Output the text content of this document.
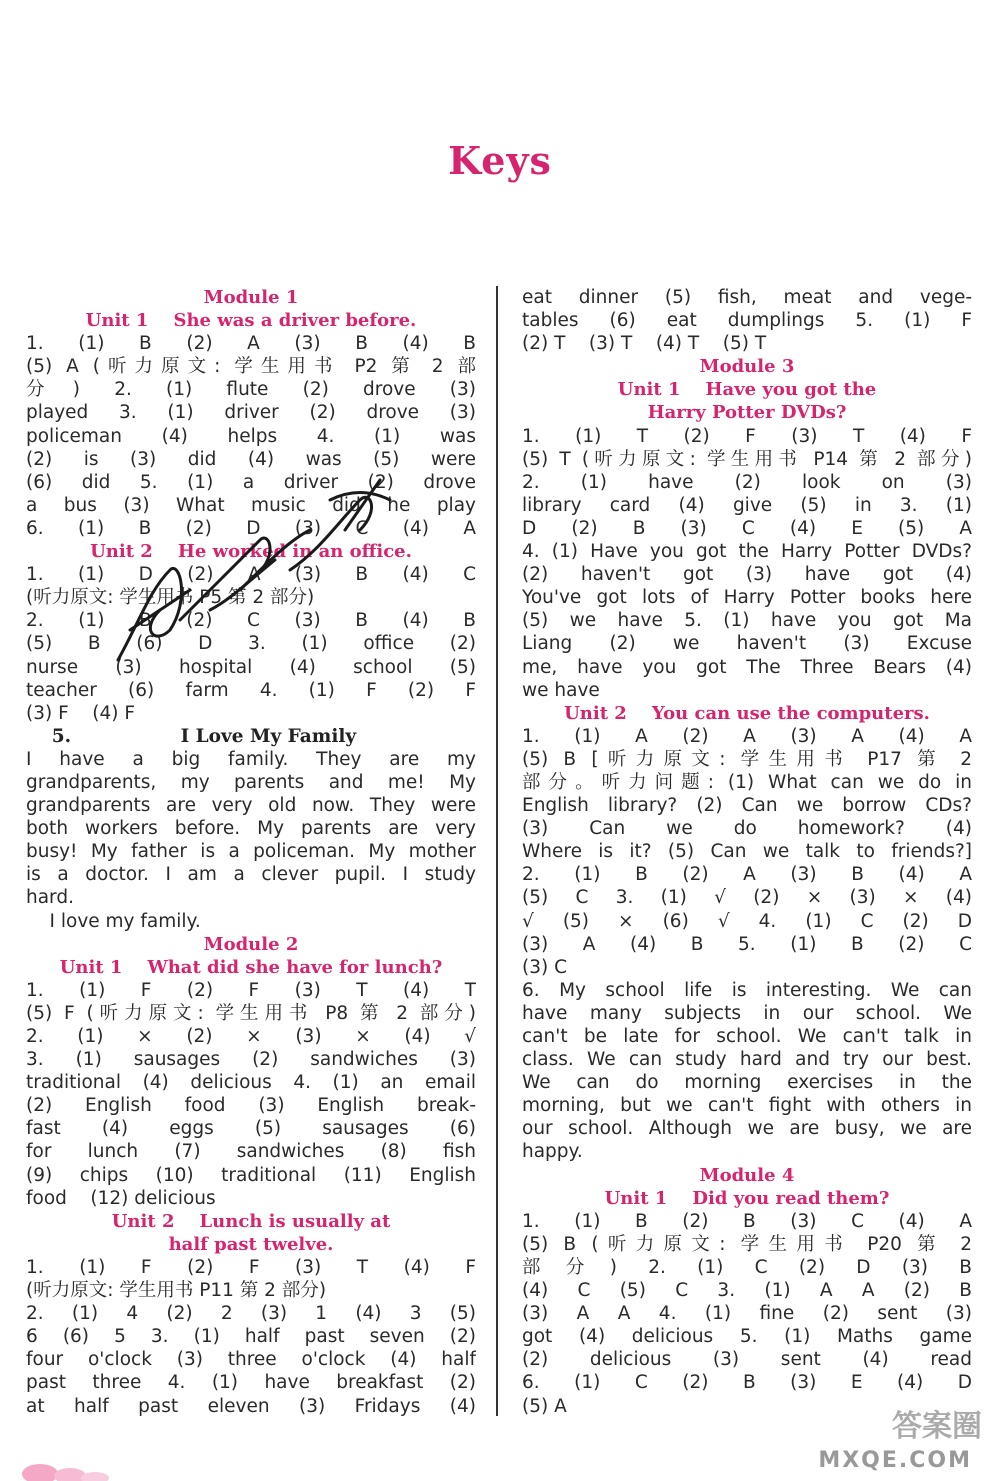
Keys
Module 1
Unit 1    She was a driver before.
1. (1) B (2) A (3) B (4) B
(5) A (听力原文: 学生用书 P2 第 2 部
分) 2. (1) flute (2) drove (3)
played 3. (1) driver (2) drove (3)
policeman (4) helps 4. (1) was
(2) is (3) did (4) was (5) were
(6) did 5. (1) a driver (2) drove
a bus (3) What music did he play
6. (1) B (2) D (3) C (4) A
Unit 2    He worked in an office.
1. (1) D (2) A (3) B (4) C
(听力原文: 学生用书 P5 第 2 部分)
2. (1) B (2) C (3) B (4) B
(5) B (6) D 3. (1) office (2)
nurse (3) hospital (4) school (5)
teacher (6) farm 4. (1) F (2) F
(3) F    (4) F
5.                 I Love My Family
I have a big family. They are my
grandparents, my parents and me! My
grandparents are very old now. They were
both workers before. My parents are very
busy! My father is a policeman. My mother
is a doctor. I am a clever pupil. I study
hard.
I love my family.
Module 2
Unit 1    What did she have for lunch?
1. (1) F (2) F (3) T (4) T
(5) F (听力原文: 学生用书 P8 第 2 部分)
2. (1) × (2) × (3) × (4) √
3. (1) sausages (2) sandwiches (3)
traditional (4) delicious 4. (1) an email
(2) English food (3) English break-
fast (4) eggs (5) sausages (6)
for lunch (7) sandwiches (8) fish
(9) chips (10) traditional (11) English
food    (12) delicious
Unit 2    Lunch is usually at
half past twelve.
1. (1) F (2) F (3) T (4) F
(听力原文: 学生用书 P11 第 2 部分)
2. (1) 4 (2) 2 (3) 1 (4) 3 (5)
6 (6) 5 3. (1) half past seven (2)
four o'clock (3) three o'clock (4) half
past three 4. (1) have breakfast (2)
at half past eleven (3) Fridays (4)
eat dinner (5) fish, meat and vege-
tables (6) eat dumplings 5. (1) F
(2) T    (3) T    (4) T    (5) T
Module 3
Unit 1    Have you got the
Harry Potter DVDs?
1. (1) T (2) F (3) T (4) F
(5) T (听力原文: 学生用书 P14 第 2 部分)
2. (1) have (2) look on (3)
library card (4) give (5) in 3. (1)
D (2) B (3) C (4) E (5) A
4. (1) Have you got the Harry Potter DVDs?
(2) haven't got (3) have got (4)
You've got lots of Harry Potter books here
(5) we have 5. (1) have you got Ma
Liang (2) we haven't (3) Excuse
me, have you got The Three Bears (4)
we have
Unit 2    You can use the computers.
1. (1) A (2) A (3) A (4) A
(5) B [听力原文: 学生用书 P17 第 2
部分。听力问题: (1) What can we do in
English library? (2) Can we borrow CDs?
(3) Can we do homework? (4)
Where is it? (5) Can we talk to friends?]
2. (1) B (2) A (3) B (4) A
(5) C 3. (1) √ (2) × (3) × (4)
√ (5) × (6) √ 4. (1) C (2) D
(3) A (4) B 5. (1) B (2) C
(3) C
6. My school life is interesting. We can
have many subjects in our school. We
can't be late for school. We can't talk in
class. We can study hard and try our best.
We can do morning exercises in the
morning, but we can't fight with others in
our school. Although we are busy, we are
happy.
Module 4
Unit 1    Did you read them?
1. (1) B (2) B (3) C (4) A
(5) B (听力原文: 学生用书 P20 第 2
部分) 2. (1) C (2) D (3) B
(4) C (5) C 3. (1) A A (2) B
(3) A A 4. (1) fine (2) sent (3)
got (4) delicious 5. (1) Maths game
(2) delicious (3) sent (4) read
6. (1) C (2) B (3) E (4) D
(5) A
答案圈
MXQE.COM
